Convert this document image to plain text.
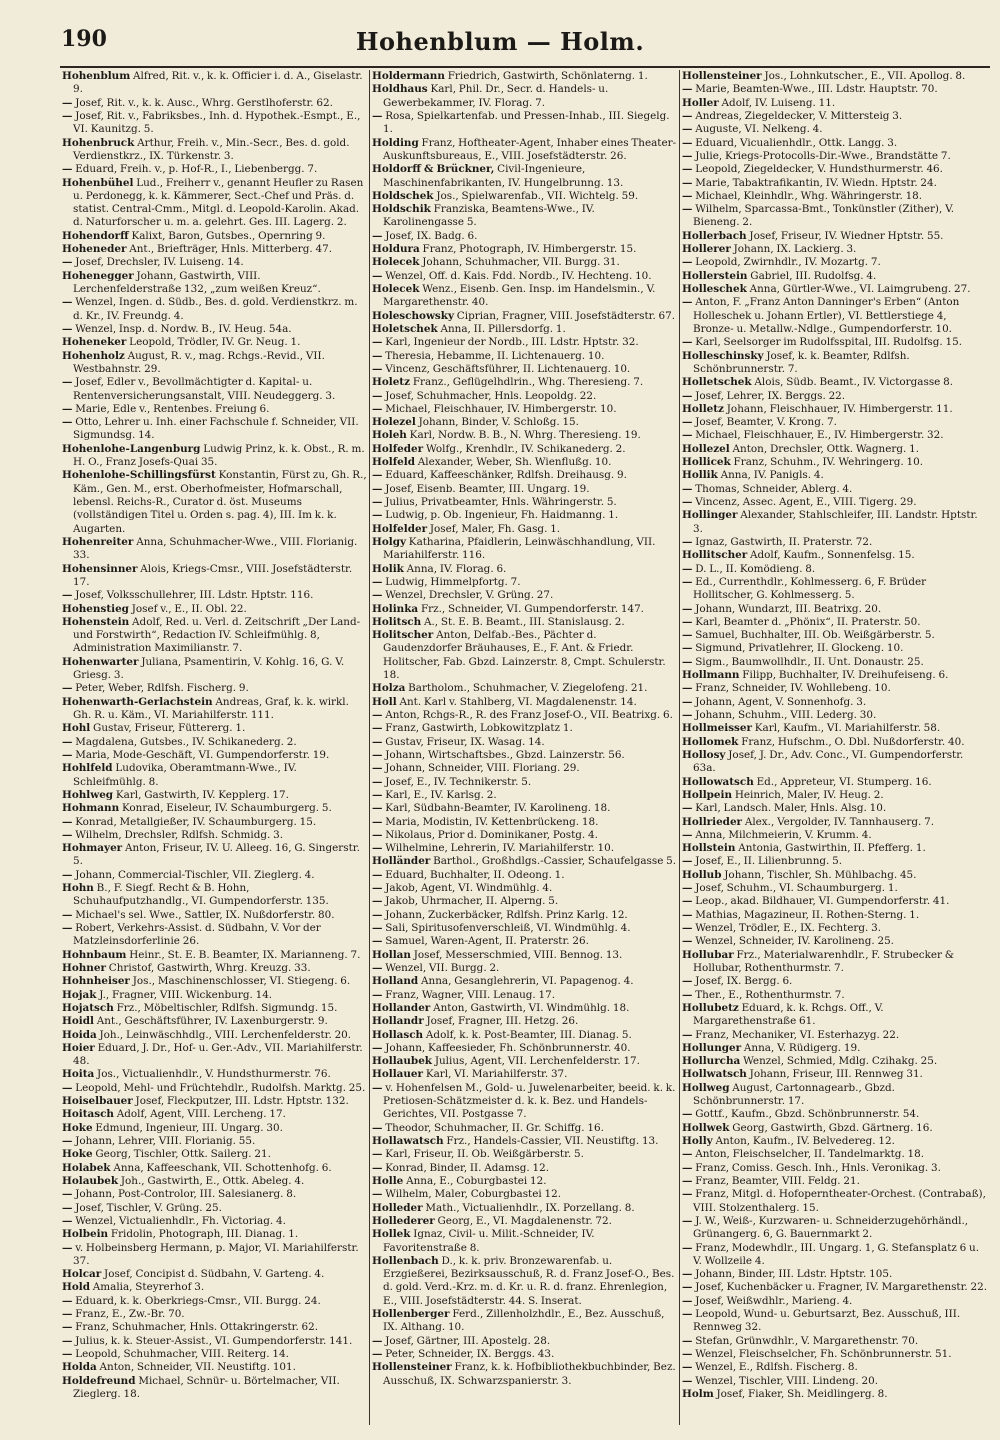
190	Hohenblum — Holm.
Hohenblum Alfred, Rit. v., k. k. Officier i. d. A., Giselastr. 9.
— Josef, Rit. v., k. k. Ausc., Whrg. Gerstlhoferstr. 62.
— Josef, Rit. v., Fabriksbes., Inh. d. Hypothek.-Esmpt., E., VI. Kaunitzg. 5.
Hohenbruck Arthur, Freih. v., Min.-Secr., Bes. d. gold. Verdienstkrz., IX. Türkenstr. 3.
— Eduard, Freih. v., p. Hof-R., I., Liebenbergg. 7.
Hohenbühel Lud., Freiherr v., genannt Heufler zu Rasen u. Perdonegg, k. k. Kämmerer, Sect.-Chef und Präs. d. statist. Central-Cmm., Mitgl. d. Leopold-Karolin. Akad. d. Naturforscher u. m. a. gelehrt. Ges. III. Lagerg. 2.
Hohendorff Kalixt, Baron, Gutsbes., Opernring 9.
Hoheneder Ant., Briefträger, Hnls. Mitterberg. 47.
— Josef, Drechsler, IV. Luiseng. 14.
Hohenegger Johann, Gastwirth, VIII. Lerchenfelderstraße 132, „zum weißen Kreuz“.
— Wenzel, Ingen. d. Südb., Bes. d. gold. Verdienstkrz. m. d. Kr., IV. Freundg. 4.
— Wenzel, Insp. d. Nordw. B., IV. Heug. 54a.
Hoheneker Leopold, Trödler, IV. Gr. Neug. 1.
Hohenholz August, R. v., mag. Rchgs.-Revid., VII. Westbahnstr. 29.
— Josef, Edler v., Bevollmächtigter d. Kapital- u. Rentenversicherungsanstalt, VIII. Neudeggerg. 3.
— Marie, Edle v., Rentenbes. Freiung 6.
— Otto, Lehrer u. Inh. einer Fachschule f. Schneider, VII. Sigmundsg. 14.
Hohenlohe-Langenburg Ludwig Prinz, k. k. Obst., R. m. H. O., Franz Josefs-Quai 35.
Hohenlohe-Schillingsfürst Konstantin, Fürst zu, Gh. R., Käm., Gen. M., erst. Oberhofmeister, Hofmarschall, lebensl. Reichs-R., Curator d. öst. Museums (vollständigen Titel u. Orden s. pag. 4), III. Im k. k. Augarten.
Hohenreiter Anna, Schuhmacher-Wwe., VIII. Florianig. 33.
Hohensinner Alois, Kriegs-Cmsr., VIII. Josefstädterstr. 17.
— Josef, Volksschullehrer, III. Ldstr. Hptstr. 116.
Hohenstieg Josef v., E., II. Obl. 22.
Hohenstein Adolf, Red. u. Verl. d. Zeitschrift „Der Land- und Forstwirth“, Redaction IV. Schleifmühlg. 8, Administration Maximilianstr. 7.
Hohenwarter Juliana, Psamentirin, V. Kohlg. 16, G. V. Griesg. 3.
— Peter, Weber, Rdlfsh. Fischerg. 9.
Hohenwarth-Gerlachstein Andreas, Graf, k. k. wirkl. Gh. R. u. Käm., VI. Mariahilferstr. 111.
Hohl Gustav, Friseur, Füttererg. 1.
— Magdalena, Gutsbes., IV. Schikanederg. 2.
— Maria, Mode-Geschäft, VI. Gumpendorferstr. 19.
Hohlfeld Ludovika, Oberamtmann-Wwe., IV. Schleifmühlg. 8.
Hohlweg Karl, Gastwirth, IV. Kepplerg. 17.
Hohmann Konrad, Eiseleur, IV. Schaumburgerg. 5.
— Konrad, Metallgießer, IV. Schaumburgerg. 15.
— Wilhelm, Drechsler, Rdlfsh. Schmidg. 3.
Hohmayer Anton, Friseur, IV. U. Alleeg. 16, G. Singerstr. 5.
— Johann, Commercial-Tischler, VII. Zieglerg. 4.
Hohn B., F. Siegf. Recht & B. Hohn, Schuhaufputzhandlg., VI. Gumpendorferstr. 135.
— Michael's sel. Wwe., Sattler, IX. Nußdorferstr. 80.
— Robert, Verkehrs-Assist. d. Südbahn, V. Vor der Matzleinsdorferlinie 26.
Hohnbaum Heinr., St. E. B. Beamter, IX. Marianneng. 7.
Hohner Christof, Gastwirth, Whrg. Kreuzg. 33.
Hohnheiser Jos., Maschinenschlosser, VI. Stiegeng. 6.
Hojak J., Fragner, VIII. Wickenburg. 14.
Hojatsch Frz., Möbeltischler, Rdlfsh. Sigmundg. 15.
Hoidl Ant., Geschäftsführer, IV. Laxenburgerstr. 9.
Hoida Joh., Leinwäschhdlg., VIII. Lerchenfelderstr. 20.
Hoier Eduard, J. Dr., Hof- u. Ger.-Adv., VII. Mariahilferstr. 48.
Hoita Jos., Victualienhdlr., V. Hundsthurmerstr. 76.
— Leopold, Mehl- und Früchtehdlr., Rudolfsh. Marktg. 25.
Hoiselbauer Josef, Fleckputzer, III. Ldstr. Hptstr. 132.
Hoitasch Adolf, Agent, VIII. Lercheng. 17.
Hoke Edmund, Ingenieur, III. Ungarg. 30.
— Johann, Lehrer, VIII. Florianig. 55.
Hoke Georg, Tischler, Ottk. Sailerg. 21.
Holabek Anna, Kaffeeschank, VII. Schottenhofg. 6.
Holaubek Joh., Gastwirth, E., Ottk. Abeleg. 4.
— Johann, Post-Controlor, III. Salesianerg. 8.
— Josef, Tischler, V. Grüng. 25.
— Wenzel, Victualienhdlr., Fh. Victoriag. 4.
Holbein Fridolin, Photograph, III. Dianag. 1.
— v. Holbeinsberg Hermann, p. Major, VI. Mariahilferstr. 37.
Holcar Josef, Concipist d. Südbahn, V. Garteng. 4.
Hold Amalia, Steyrerhof 3.
— Eduard, k. k. Oberkriegs-Cmsr., VII. Burgg. 24.
— Franz, E., Zw.-Br. 70.
— Franz, Schuhmacher, Hnls. Ottakringerstr. 62.
— Julius, k. k. Steuer-Assist., VI. Gumpendorferstr. 141.
— Leopold, Schuhmacher, VIII. Reiterg. 14.
Holda Anton, Schneider, VII. Neustiftg. 101.
Holdefreund Michael, Schnür- u. Börtelmacher, VII. Zieglerg. 18.
Holdermann Friedrich, Gastwirth, Schönlaterng. 1.
Holdhaus Karl, Phil. Dr., Secr. d. Handels- u. Gewerbekammer, IV. Florag. 7.
— Rosa, Spielkartenfab. und Pressen-Inhab., III. Siegelg. 1.
Holding Franz, Hoftheater-Agent, Inhaber eines Theater-Auskunftsbureaus, E., VIII. Josefstädterstr. 26.
Holdorff & Brückner, Civil-Ingenieure, Maschinenfabrikanten, IV. Hungelbrunng. 13.
Holdschek Jos., Spielwarenfab., VII. Wichtelg. 59.
Holdschik Franziska, Beamtens-Wwe., IV. Karolinengasse 5.
— Josef, IX. Badg. 6.
Holdura Franz, Photograph, IV. Himbergerstr. 15.
Holecek Johann, Schuhmacher, VII. Burgg. 31.
— Wenzel, Off. d. Kais. Fdd. Nordb., IV. Hechteng. 10.
Holecek Wenz., Eisenb. Gen. Insp. im Handelsmin., V. Margarethenstr. 40.
Holeschowsky Ciprian, Fragner, VIII. Josefstädterstr. 67.
Holetschek Anna, II. Pillersdorfg. 1.
— Karl, Ingenieur der Nordb., III. Ldstr. Hptstr. 32.
— Theresia, Hebamme, II. Lichtenauerg. 10.
— Vincenz, Geschäftsführer, II. Lichtenauerg. 10.
Holetz Franz., Geflügelhdlrin., Whg. Theresieng. 7.
— Josef, Schuhmacher, Hnls. Leopoldg. 22.
— Michael, Fleischhauer, IV. Himbergerstr. 10.
Holezel Johann, Binder, V. Schloßg. 15.
Holeh Karl, Nordw. B. B., N. Whrg. Theresieng. 19.
Holfeder Wolfg., Krenhdlr., IV. Schikanederg. 2.
Holfeld Alexander, Weber, Sh. Wienflußg. 10.
— Eduard, Kaffeeschänker, Rdlfsh. Dreihausg. 9.
— Josef, Eisenb. Beamter, III. Ungarg. 19.
— Julius, Privatbeamter, Hnls. Währingerstr. 5.
— Ludwig, p. Ob. Ingenieur, Fh. Haidmanng. 1.
Holfelder Josef, Maler, Fh. Gasg. 1.
Holgy Katharina, Pfaidlerin, Leinwäschhandlung, VII. Mariahilferstr. 116.
Holik Anna, IV. Florag. 6.
— Ludwig, Himmelpfortg. 7.
— Wenzel, Drechsler, V. Grüng. 27.
Holinka Frz., Schneider, VI. Gumpendorferstr. 147.
Holitsch A., St. E. B. Beamt., III. Stanislausg. 2.
Holitscher Anton, Delfab.-Bes., Pächter d. Gaudenzdorfer Bräuhauses, E., F. Ant. & Friedr. Holitscher, Fab. Gbzd. Lainzerstr. 8, Cmpt. Schulerstr. 18.
Holza Bartholom., Schuhmacher, V. Ziegelofeng. 21.
Holl Ant. Karl v. Stahlberg, VI. Magdalenenstr. 14.
— Anton, Rchgs-R., R. des Franz Josef-O., VII. Beatrixg. 6.
— Franz, Gastwirth, Lobkowitzplatz 1.
— Gustav, Friseur, IX. Wasag. 14.
— Johann, Wirtschaftsbes., Gbzd. Lainzerstr. 56.
— Johann, Schneider, VIII. Floriang. 29.
— Josef, E., IV. Technikerstr. 5.
— Karl, E., IV. Karlsg. 2.
— Karl, Südbahn-Beamter, IV. Karolineng. 18.
— Maria, Modistin, IV. Kettenbrückeng. 18.
— Nikolaus, Prior d. Dominikaner, Postg. 4.
— Wilhelmine, Lehrerin, IV. Mariahilferstr. 10.
Holländer Barthol., Großhdlgs.-Cassier, Schaufelgasse 5.
— Eduard, Buchhalter, II. Odeong. 1.
— Jakob, Agent, VI. Windmühlg. 4.
— Jakob, Uhrmacher, II. Alperng. 5.
— Johann, Zuckerbäcker, Rdlfsh. Prinz Karlg. 12.
— Sali, Spiritusofenverschleiß, VI. Windmühlg. 4.
— Samuel, Waren-Agent, II. Praterstr. 26.
Hollan Josef, Messerschmied, VIII. Bennog. 13.
— Wenzel, VII. Burgg. 2.
Holland Anna, Gesanglehrerin, VI. Papagenog. 4.
— Franz, Wagner, VIII. Lenaug. 17.
Hollander Anton, Gastwirth, VI. Windmühlg. 18.
Hollandr Josef, Fragner, III. Hetzg. 26.
Hollasch Adolf, k. k. Post-Beamter, III. Dianag. 5.
— Johann, Kaffeesieder, Fh. Schönbrunnerstr. 40.
Hollaubek Julius, Agent, VII. Lerchenfelderstr. 17.
Hollauer Karl, VI. Mariahilferstr. 37.
— v. Hohenfelsen M., Gold- u. Juwelenarbeiter, beeid. k. k. Pretiosen-Schätzmeister d. k. k. Bez. und Handels-Gerichtes, VII. Postgasse 7.
— Theodor, Schuhmacher, II. Gr. Schiffg. 16.
Hollawatsch Frz., Handels-Cassier, VII. Neustiftg. 13.
— Karl, Friseur, II. Ob. Weißgärberstr. 5.
— Konrad, Binder, II. Adamsg. 12.
Holle Anna, E., Coburgbastei 12.
— Wilhelm, Maler, Coburgbastei 12.
Holleder Math., Victualienhdlr., IX. Porzellang. 8.
Hollederer Georg, E., VI. Magdalenenstr. 72.
Hollek Ignaz, Civil- u. Milit.-Schneider, IV. Favoritenstraße 8.
Hollenbach D., k. k. priv. Bronzewarenfab. u. Erzgießerei, Bezirksausschuß, R. d. Franz Josef-O., Bes. d. gold. Verd.-Krz. m. d. Kr. u. R. d. franz. Ehrenlegion, E., VIII. Josefstädterstr. 44. S. Inserat.
Hollenberger Ferd., Zillenholzhdlr., E., Bez. Ausschuß, IX. Althang. 10.
— Josef, Gärtner, III. Apostelg. 28.
— Peter, Schneider, IX. Berggs. 43.
Hollensteiner Franz, k. k. Hofbibliothekbuchbinder, Bez. Ausschuß, IX. Schwarzspanierstr. 3.
Hollensteiner Jos., Lohnkutscher., E., VII. Apollog. 8.
— Marie, Beamten-Wwe., III. Ldstr. Hauptstr. 70.
Holler Adolf, IV. Luiseng. 11.
— Andreas, Ziegeldecker, V. Mittersteig 3.
— Auguste, VI. Nelkeng. 4.
— Eduard, Vicualienhdlr., Ottk. Langg. 3.
— Julie, Kriegs-Protocolls-Dir.-Wwe., Brandstätte 7.
— Leopold, Ziegeldecker, V. Hundsthurmerstr. 46.
— Marie, Tabaktrafikantin, IV. Wiedn. Hptstr. 24.
— Michael, Kleinhdlr., Whg. Währingerstr. 18.
— Wilhelm, Sparcassa-Bmt., Tonkünstler (Zither), V. Bieneng. 2.
Hollerbach Josef, Friseur, IV. Wiedner Hptstr. 55.
Hollerer Johann, IX. Lackierg. 3.
— Leopold, Zwirnhdlr., IV. Mozartg. 7.
Hollerstein Gabriel, III. Rudolfsg. 4.
Holleschek Anna, Gürtler-Wwe., VI. Laimgrubeng. 27.
— Anton, F. „Franz Anton Danninger's Erben“ (Anton Holleschek u. Johann Ertler), VI. Bettlerstiege 4, Bronze- u. Metallw.-Ndlge., Gumpendorferstr. 10.
— Karl, Seelsorger im Rudolfsspital, III. Rudolfsg. 15.
Holleschinsky Josef, k. k. Beamter, Rdlfsh. Schönbrunnerstr. 7.
Holletschek Alois, Südb. Beamt., IV. Victorgasse 8.
— Josef, Lehrer, IX. Berggs. 22.
Holletz Johann, Fleischhauer, IV. Himbergerstr. 11.
— Josef, Beamter, V. Krong. 7.
— Michael, Fleischhauer, E., IV. Himbergerstr. 32.
Hollezel Anton, Drechsler, Ottk. Wagnerg. 1.
Hollicek Franz, Schuhm., IV. Wehringerg. 10.
Hollik Anna, IV. Panigls. 4.
— Thomas, Schneider, Ablerg. 4.
— Vincenz, Assec. Agent, E., VIII. Tigerg. 29.
Hollinger Alexander, Stahlschleifer, III. Landstr. Hptstr. 3.
— Ignaz, Gastwirth, II. Praterstr. 72.
Hollitscher Adolf, Kaufm., Sonnenfelsg. 15.
— D. L., II. Komödieng. 8.
— Ed., Currenthdlr., Kohlmesserg. 6, F. Brüder Hollitscher, G. Kohlmesserg. 5.
— Johann, Wundarzt, III. Beatrixg. 20.
— Karl, Beamter d. „Phönix“, II. Praterstr. 50.
— Samuel, Buchhalter, III. Ob. Weißgärberstr. 5.
— Sigmund, Privatlehrer, II. Glockeng. 10.
— Sigm., Baumwollhdlr., II. Unt. Donaustr. 25.
Hollmann Filipp, Buchhalter, IV. Dreihufeiseng. 6.
— Franz, Schneider, IV. Wohllebeng. 10.
— Johann, Agent, V. Sonnenhofg. 3.
— Johann, Schuhm., VIII. Lederg. 30.
Hollmeisser Karl, Kaufm., VI. Mariahilferstr. 58.
Hollomek Franz, Hufschm., O. Dbl. Nußdorferstr. 40.
Hollosy Josef, J. Dr., Adv. Conc., VI. Gumpendorferstr. 63a.
Hollowatsch Ed., Appreteur, VI. Stumperg. 16.
Hollpein Heinrich, Maler, IV. Heug. 2.
— Karl, Landsch. Maler, Hnls. Alsg. 10.
Hollrieder Alex., Vergolder, IV. Tannhauserg. 7.
— Anna, Milchmeierin, V. Krumm. 4.
Hollstein Antonia, Gastwirthin, II. Pfefferg. 1.
— Josef, E., II. Lilienbrunng. 5.
Hollub Johann, Tischler, Sh. Mühlbachg. 45.
— Josef, Schuhm., VI. Schaumburgerg. 1.
— Leop., akad. Bildhauer, VI. Gumpendorferstr. 41.
— Mathias, Magazineur, II. Rothen-Sterng. 1.
— Wenzel, Trödler, E., IX. Fechterg. 3.
— Wenzel, Schneider, IV. Karolineng. 25.
Hollubar Frz., Materialwarenhdlr., F. Strubecker & Hollubar, Rothenthurmstr. 7.
— Josef, IX. Bergg. 6.
— Ther., E., Rothenthurmstr. 7.
Hollubetz Eduard, k. k. Rchgs. Off., V. Margarethenstraße 61.
— Franz, Mechaniker, VI. Esterhazyg. 22.
Hollunger Anna, V. Rüdigerg. 19.
Hollurcha Wenzel, Schmied, Mdlg. Czihakg. 25.
Hollwatsch Johann, Friseur, III. Rennweg 31.
Hollweg August, Cartonnagearb., Gbzd. Schönbrunnerstr. 17.
— Gottf., Kaufm., Gbzd. Schönbrunnerstr. 54.
Hollwek Georg, Gastwirth, Gbzd. Gärtnerg. 16.
Holly Anton, Kaufm., IV. Belvedereg. 12.
— Anton, Fleischselcher, II. Tandelmarktg. 18.
— Franz, Comiss. Gesch. Inh., Hnls. Veronikag. 3.
— Franz, Beamter, VIII. Feldg. 21.
— Franz, Mitgl. d. Hofoperntheater-Orchest. (Contrabaß), VIII. Stolzenthalerg. 15.
— J. W., Weiß-, Kurzwaren- u. Schneiderzugehörhändl., Grünangerg. 6, G. Bauernmarkt 2.
— Franz, Modewhdlr., III. Ungarg. 1, G. Stefansplatz 6 u. V. Wollzeile 4.
— Johann, Binder, III. Ldstr. Hptstr. 105.
— Josef, Kuchenbäcker u. Fragner, IV. Margarethenstr. 22.
— Josef, Weißwdhlr., Marieng. 4.
— Leopold, Wund- u. Geburtsarzt, Bez. Ausschuß, III. Rennweg 32.
— Stefan, Grünwdhlr., V. Margarethenstr. 70.
— Wenzel, Fleischselcher, Fh. Schönbrunnerstr. 51.
— Wenzel, E., Rdlfsh. Fischerg. 8.
— Wenzel, Tischler, VIII. Lindeng. 20.
Holm Josef, Fiaker, Sh. Meidlingerg. 8.
